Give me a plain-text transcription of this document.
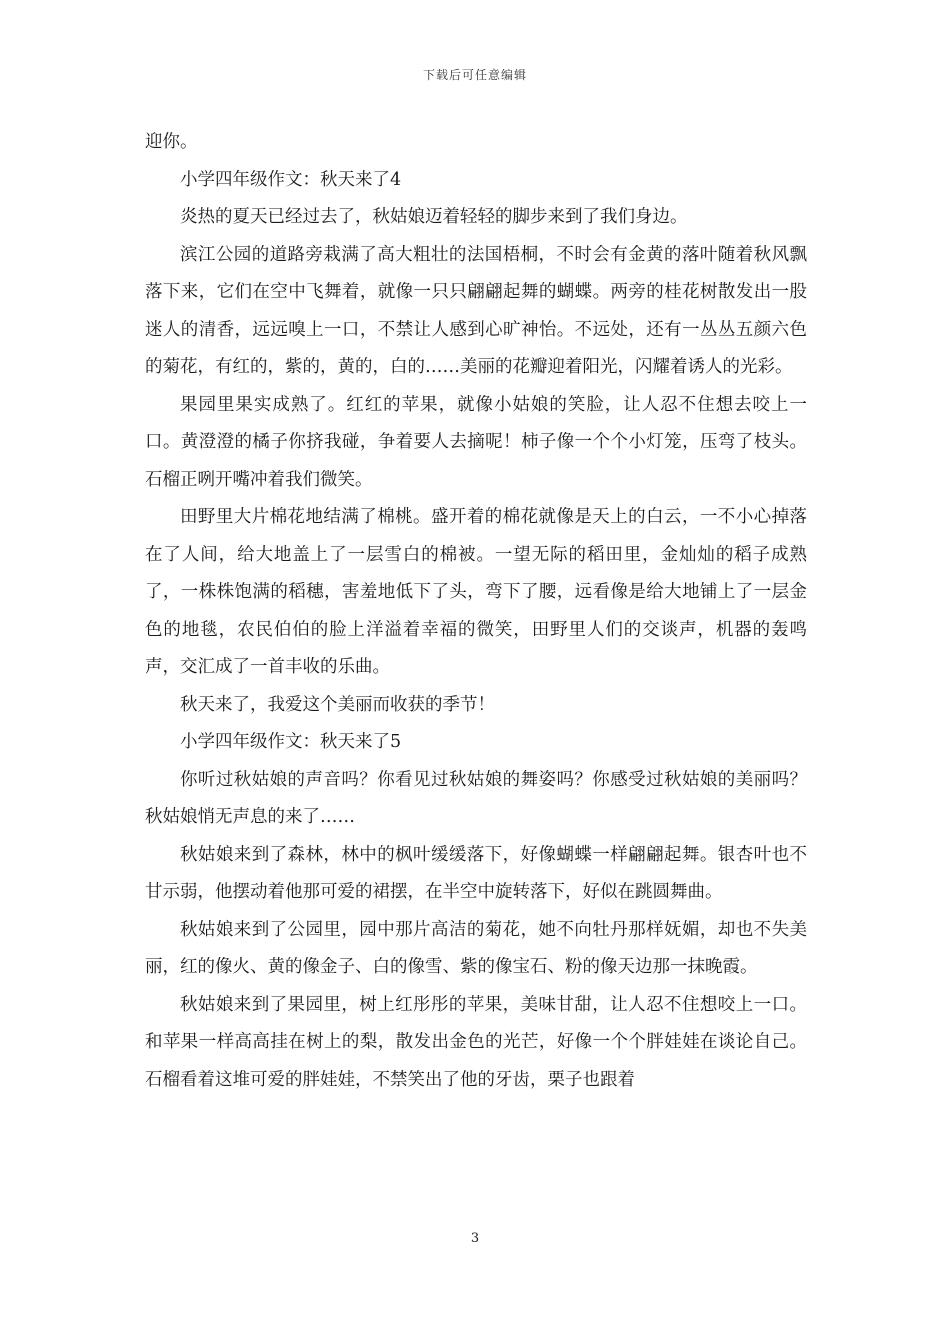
下载后可任意编辑

迎你。

小学四年级作文：秋天来了4

炎热的夏天已经过去了，秋姑娘迈着轻轻的脚步来到了我们身边。

滨江公园的道路旁栽满了高大粗壮的法国梧桐，不时会有金黄的落叶随着秋风飘落下来，它们在空中飞舞着，就像一只只翩翩起舞的蝴蝶。两旁的桂花树散发出一股迷人的清香，远远嗅上一口，不禁让人感到心旷神怡。不远处，还有一丛丛五颜六色的菊花，有红的，紫的，黄的，白的……美丽的花瓣迎着阳光，闪耀着诱人的光彩。

果园里果实成熟了。红红的苹果，就像小姑娘的笑脸，让人忍不住想去咬上一口。黄澄澄的橘子你挤我碰，争着要人去摘呢！柿子像一个个小灯笼，压弯了枝头。石榴正咧开嘴冲着我们微笑。

田野里大片棉花地结满了棉桃。盛开着的棉花就像是天上的白云，一不小心掉落在了人间，给大地盖上了一层雪白的棉被。一望无际的稻田里，金灿灿的稻子成熟了，一株株饱满的稻穗，害羞地低下了头，弯下了腰，远看像是给大地铺上了一层金色的地毯，农民伯伯的脸上洋溢着幸福的微笑，田野里人们的交谈声，机器的轰鸣声，交汇成了一首丰收的乐曲。

秋天来了，我爱这个美丽而收获的季节！

小学四年级作文：秋天来了5

你听过秋姑娘的声音吗？你看见过秋姑娘的舞姿吗？你感受过秋姑娘的美丽吗？秋姑娘悄无声息的来了……

秋姑娘来到了森林，林中的枫叶缓缓落下，好像蝴蝶一样翩翩起舞。银杏叶也不甘示弱，他摆动着他那可爱的裙摆，在半空中旋转落下，好似在跳圆舞曲。

秋姑娘来到了公园里，园中那片高洁的菊花，她不向牡丹那样妩媚，却也不失美丽，红的像火、黄的像金子、白的像雪、紫的像宝石、粉的像天边那一抹晚霞。

秋姑娘来到了果园里，树上红彤彤的苹果，美味甘甜，让人忍不住想咬上一口。和苹果一样高高挂在树上的梨，散发出金色的光芒，好像一个个胖娃娃在谈论自己。石榴看着这堆可爱的胖娃娃，不禁笑出了他的牙齿，栗子也跟着

3
